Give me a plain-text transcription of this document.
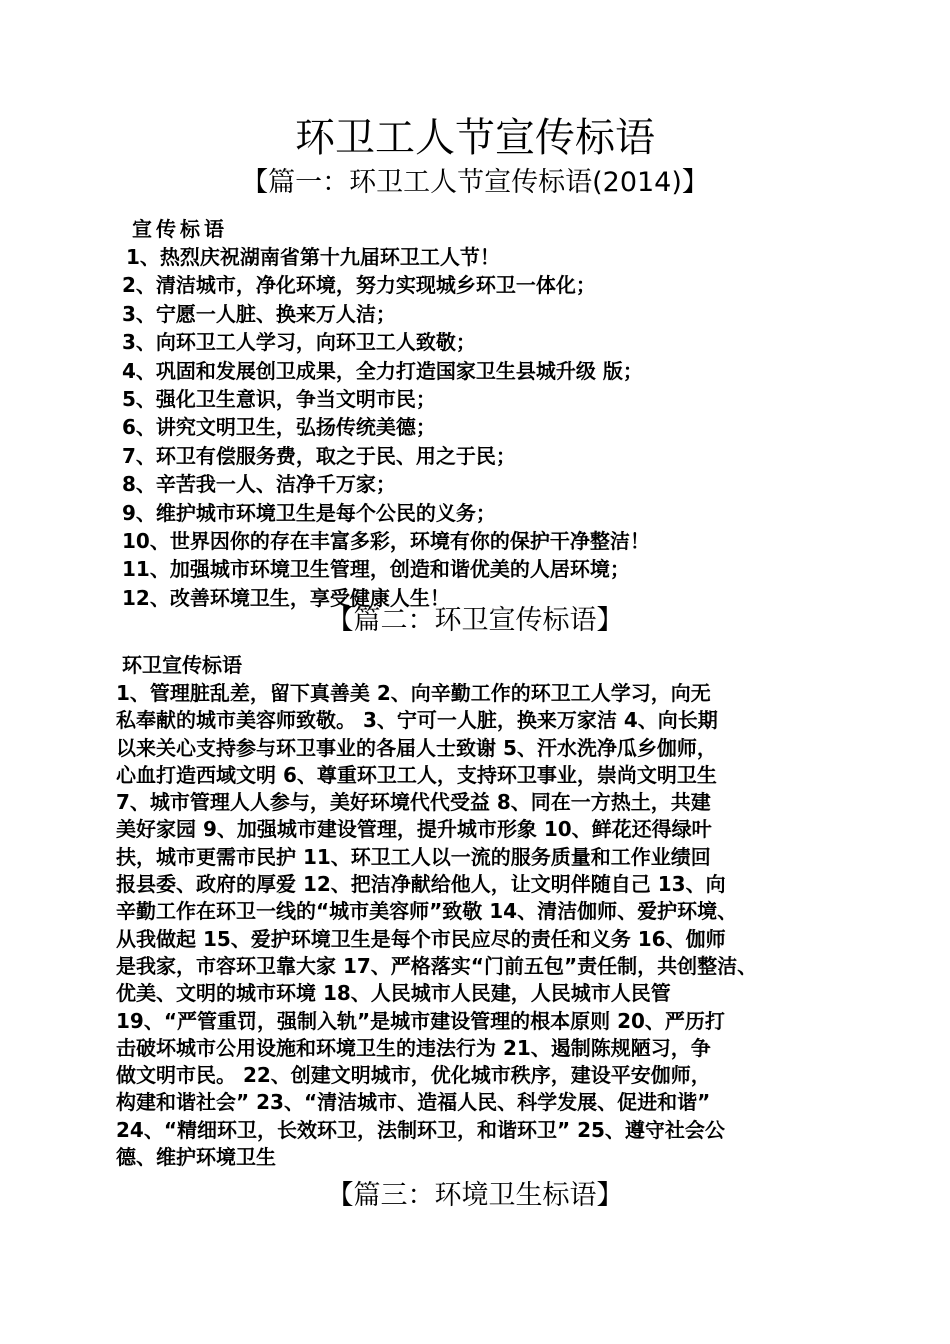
环卫工人节宣传标语
【篇一：环卫工人节宣传标语(2014)】
宣传标语
1、热烈庆祝湖南省第十九届环卫工人节！
2、清洁城市，净化环境，努力实现城乡环卫一体化；
3、宁愿一人脏、换来万人洁；
3、向环卫工人学习，向环卫工人致敬；
4、巩固和发展创卫成果，全力打造国家卫生县城升级 版；
5、强化卫生意识，争当文明市民；
6、讲究文明卫生，弘扬传统美德；
7、环卫有偿服务费，取之于民、用之于民；
8、辛苦我一人、洁净千万家；
9、维护城市环境卫生是每个公民的义务；
10、世界因你的存在丰富多彩，环境有你的保护干净整洁！
11、加强城市环境卫生管理，创造和谐优美的人居环境；
12、改善环境卫生，享受健康人生！
【篇二：环卫宣传标语】
环卫宣传标语

1、管理脏乱差，留下真善美 2、向辛勤工作的环卫工人学习，向无
私奉献的城市美容师致敬。 3、宁可一人脏，换来万家洁 4、向长期
以来关心支持参与环卫事业的各届人士致谢 5、汗水洗净瓜乡伽师，
心血打造西域文明 6、尊重环卫工人，支持环卫事业，崇尚文明卫生
7、城市管理人人参与，美好环境代代受益 8、同在一方热土，共建
美好家园 9、加强城市建设管理，提升城市形象 10、鲜花还得绿叶
扶，城市更需市民护 11、环卫工人以一流的服务质量和工作业绩回
报县委、政府的厚爱 12、把洁净献给他人，让文明伴随自己 13、向
辛勤工作在环卫一线的“城市美容师”致敬 14、清洁伽师、爱护环境、
从我做起 15、爱护环境卫生是每个市民应尽的责任和义务 16、伽师
是我家，市容环卫靠大家 17、严格落实“门前五包”责任制，共创整洁、
优美、文明的城市环境 18、人民城市人民建，人民城市人民管
19、“严管重罚，强制入轨”是城市建设管理的根本原则 20、严历打
击破坏城市公用设施和环境卫生的违法行为 21、遏制陈规陋习，争
做文明市民。 22、创建文明城市，优化城市秩序，建设平安伽师，
构建和谐社会” 23、“清洁城市、造福人民、科学发展、促进和谐”
24、“精细环卫，长效环卫，法制环卫，和谐环卫” 25、遵守社会公
德、维护环境卫生

【篇三：环境卫生标语】
